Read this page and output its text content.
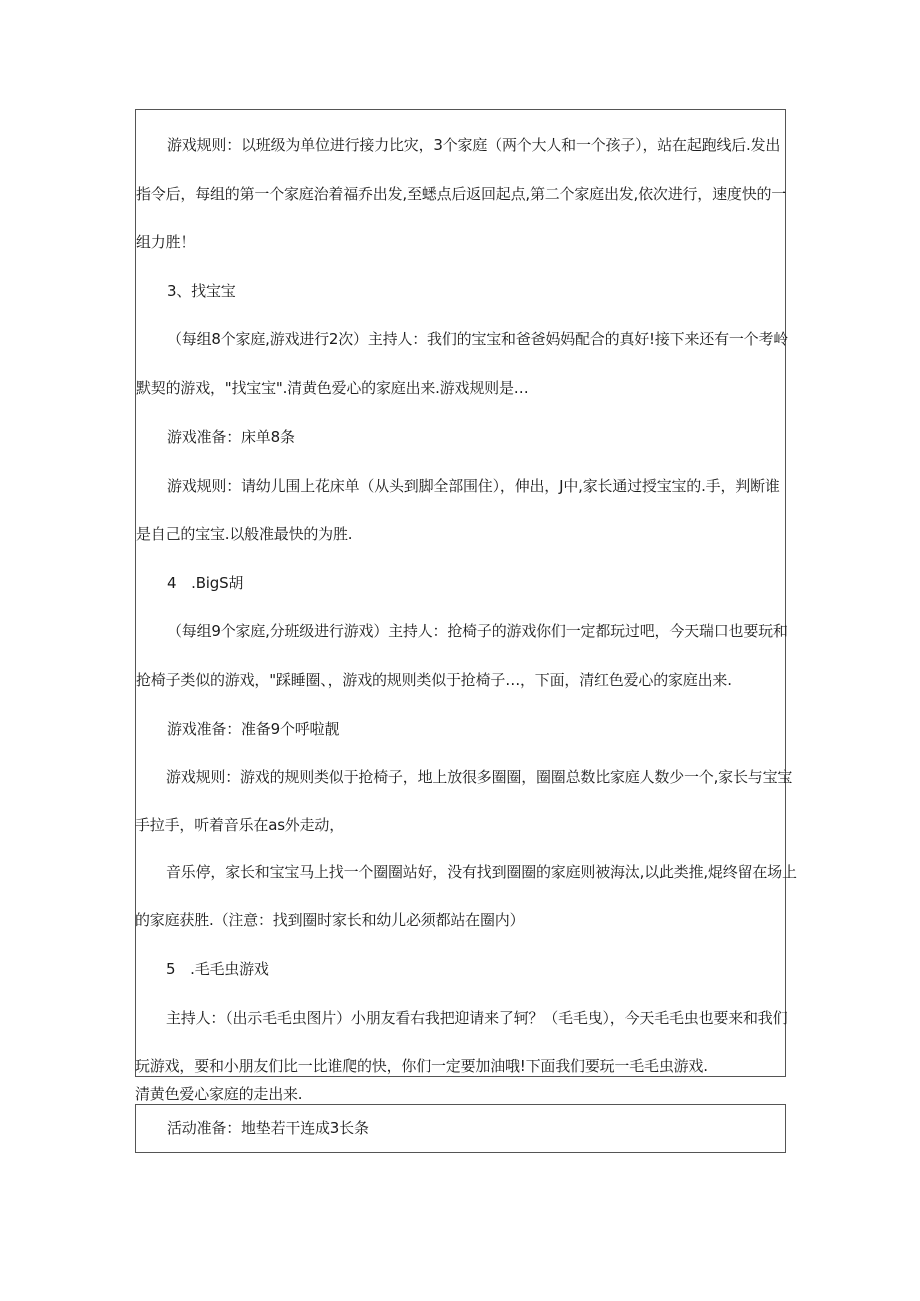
游戏规则：以班级为单位进行接力比灾，3个家庭（两个大人和一个孩子），站在起跑线后.发出
指令后，每组的第一个家庭治着福乔出发,至蟋点后返回起点,第二个家庭出发,依次进行，速度快的一
组力胜！
3、找宝宝
（每组8个家庭,游戏进行2次）主持人：我们的宝宝和爸爸妈妈配合的真好!接下来还有一个考岭
默契的游戏，"找宝宝".清黄色爱心的家庭出来.游戏规则是…
游戏准备：床单8条
游戏规则：请幼儿围上花床单（从头到脚全部围住），伸出，J中,家长通过授宝宝的.手，判断谁
是自己的宝宝.以般准最快的为胜.
4　.BigS胡
（每组9个家庭,分班级进行游戏）主持人：抢椅子的游戏你们一定都玩过吧，今天瑞口也要玩和
抢椅子类似的游戏，"踩睡圈、，游戏的规则类似于抢椅子…，下面，清红色爱心的家庭出来.
游戏准备：准备9个呼啦靓
游戏规则：游戏的规则类似于抢椅子，地上放很多圈圈，圈圈总数比家庭人数少一个,家长与宝宝
手拉手，听着音乐在as外走动，
音乐停，家长和宝宝马上找一个圈圈站好，没有找到圈圈的家庭则被海汰,以此类推,焜终留在场上
的家庭获胜.（注意：找到圈时家长和幼儿必须都站在圈内）
5　.毛毛虫游戏
主持人：（出示毛毛虫图片）小朋友看右我把迎请来了轲？（毛毛曳），今天毛毛虫也要来和我们
玩游戏，要和小朋友们比一比谁爬的快，你们一定要加油哦!下面我们要玩一毛毛虫游戏.
清黄色爱心家庭的走出来.
活动准备：地垫若干连成3长条
